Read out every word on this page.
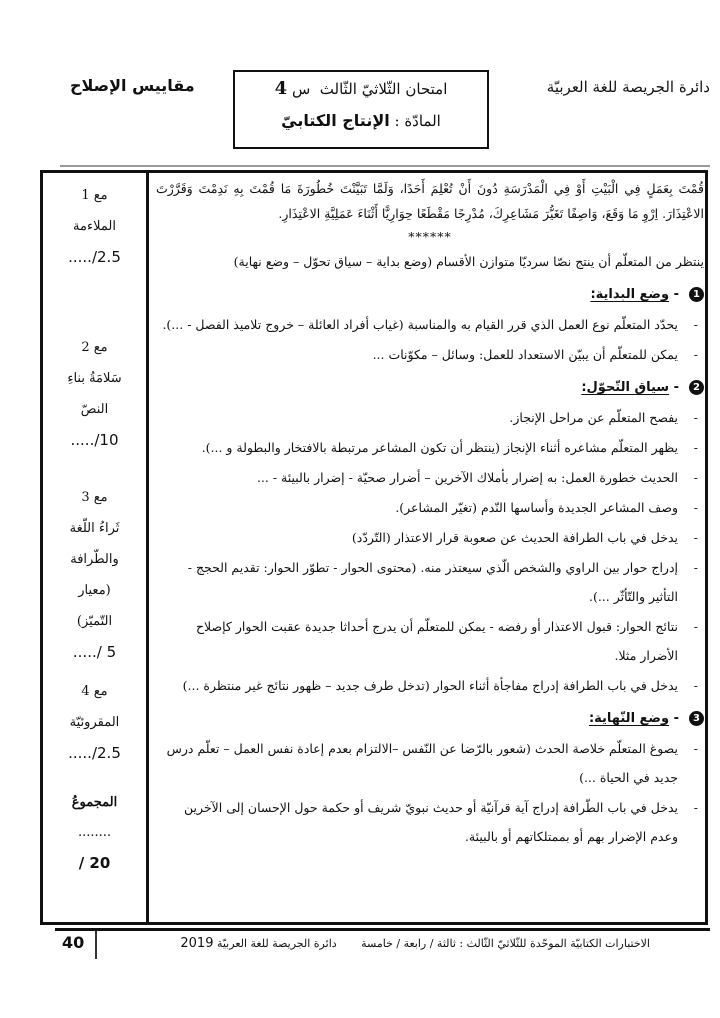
دائرة الجريصة للغة العربيّة
امتحان الثّلاثيّ الثّالث  س 4
المادّة : الإنتاج الكتابيّ
مقاييس الإصلاح
مع 1
الملاءمة
2.5/.....
مع 2
سَلامَةُ بناءِ
النصّ
10/.....
مع 3
ثَراءُ اللّغة
والطّرافة
(معيار
التّميّز)
5 /.....
مع 4
المقروئيّة
2.5/.....
المجموعُ
........
20 /
قُمْتَ بِعَمَلٍ فِي الْبَيْتِ أَوْ فِي الْمَدْرَسَةِ دُونَ أَنْ تُعْلِمَ أَحَدًا، وَلَمَّا تَبَيَّنْتَ خُطُورَةَ مَا قُمْتَ بِهِ نَدِمْتَ وَقَرَّرْتَ الاعْتِذَارَ. اِرْوِ مَا وَقَعَ، وَاصِفًا تَغَيُّرَ مَشَاعِرِكَ، مُدْرِجًا مَقْطَعًا حِوَارِيًّا أَثْنَاءَ عَمَلِيَّةِ الاعْتِذَارِ.
******
ينتظر من المتعلّم أن ينتج نصّا سرديّا متوازن الأقسام (وضع بداية – سياق تحوّل – وضع نهاية)
1- وضع البداية:
-
يحدّد المتعلّم نوع العمل الذي قرر القيام به والمناسبة (غياب أفراد العائلة – خروج تلاميذ الفصل - ...).
-
يمكن للمتعلّم أن يبيّن الاستعداد للعمل: وسائل – مكوّنات ...
2- سياق التّحوّل:
-
يفصح المتعلّم عن مراحل الإنجاز.
-
يظهر المتعلّم مشاعره أثناء الإنجاز (ينتظر أن تكون المشاعر مرتبطة بالافتخار والبطولة و ...).
-
الحديث خطورة العمل: به إضرار بأملاك الآخرين – أضرار صحيّة - إضرار بالبيئة - ...
-
وصف المشاعر الجديدة وأساسها النّدم (تغيّر المشاعر).
-
يدخل في باب الطرافة الحديث عن صعوبة قرار الاعتذار (التّردّد)
-
إدراج حوار بين الراوي والشخص الّذي سيعتذر منه. (محتوى الحوار - تطوّر الحوار: تقديم الحجج - التأثير والتّأثّر ...).
-
نتائج الحوار: قبول الاعتذار أو رفضه - يمكن للمتعلّم أن يدرج أحداثا جديدة عقبت الحوار كإصلاح الأضرار مثلا.
-
يدخل في باب الطرافة إدراج مفاجأة أثناء الحوار (تدخل طرف جديد – ظهور نتائج غير منتظرة ...)
3- وضع النّهاية:
-
يصوغ المتعلّم خلاصة الحدث (شعور بالرّضا عن النّفس –الالتزام بعدم إعادة نفس العمل – تعلّم درس جديد في الحياة ...)
-
يدخل في باب الطّرافة إدراج آية قرآنيّة أو حديث نبويّ شريف أو حكمة حول الإحسان إلى الآخرين وعدم الإضرار بهم أو بممتلكاتهم أو بالبيئة.
40	الاختبارات الكتابيّة الموحّدة للثّلاثيّ الثّالث : ثالثة / رابعة / خامسة       دائرة الجريصة للغة العربيّة 2019
